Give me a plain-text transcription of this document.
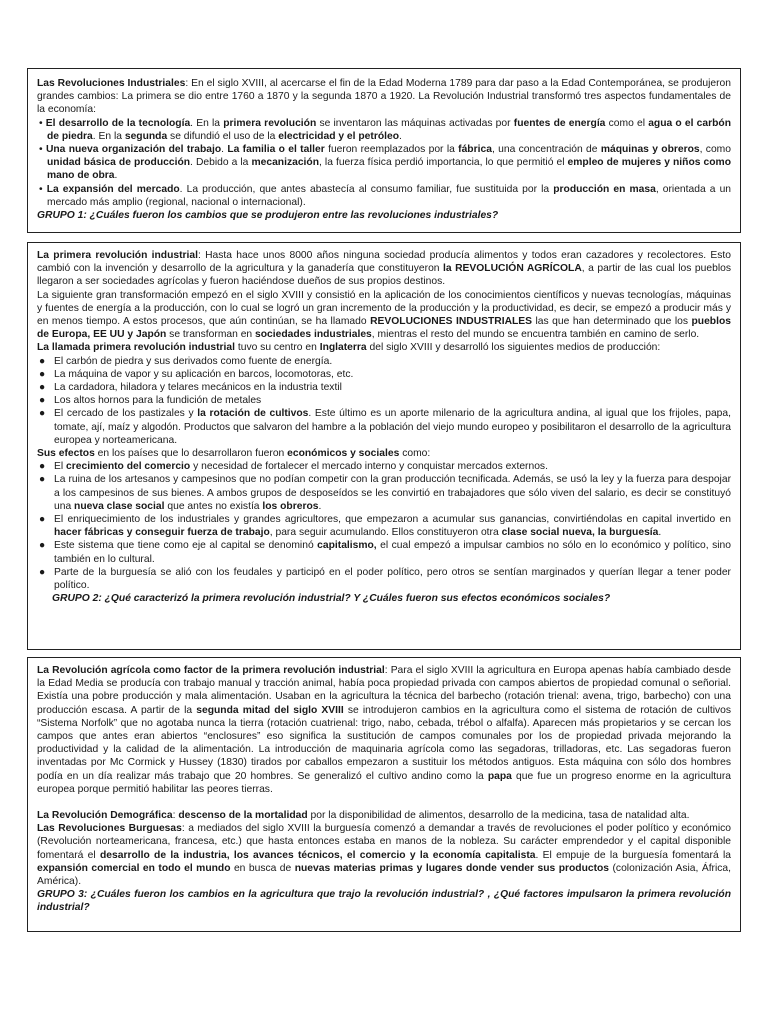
Las Revoluciones Industriales: En el siglo XVIII, al acercarse el fin de la Edad Moderna 1789 para dar paso a la Edad Contemporánea, se produjeron grandes cambios: La primera se dio entre 1760 a 1870 y la segunda 1870 a 1920. La Revolución Industrial transformó tres aspectos fundamentales de la economía:

• El desarrollo de la tecnología. En la primera revolución se inventaron las máquinas activadas por fuentes de energía como el agua o el carbón de piedra. En la segunda se difundió el uso de la electricidad y el petróleo.

• Una nueva organización del trabajo. La familia o el taller fueron reemplazados por la fábrica, una concentración de máquinas y obreros, como unidad básica de producción. Debido a la mecanización, la fuerza física perdió importancia, lo que permitió el empleo de mujeres y niños como mano de obra.

• La expansión del mercado. La producción, que antes abastecía al consumo familiar, fue sustituida por la producción en masa, orientada a un mercado más amplio (regional, nacional o internacional).

GRUPO 1: ¿Cuáles fueron los cambios que se produjeron entre las revoluciones industriales?

La primera revolución industrial: Hasta hace unos 8000 años ninguna sociedad producía alimentos y todos eran cazadores y recolectores. Esto cambió con la invención y desarrollo de la agricultura y la ganadería que constituyeron la REVOLUCIÓN AGRÍCOLA, a partir de las cual los pueblos llegaron a ser sociedades agrícolas y fueron haciéndose dueños de sus propios destinos.

La siguiente gran transformación empezó en el siglo XVIII y consistió en la aplicación de los conocimientos científicos y nuevas tecnologías, máquinas y fuentes de energía a la producción, con lo cual se logró un gran incremento de la producción y la productividad, es decir, se empezó a producir más y en menos tiempo. A estos procesos, que aún continúan, se ha llamado REVOLUCIONES INDUSTRIALES las que han determinado que los pueblos de Europa, EE UU y Japón se transforman en sociedades industriales, mientras el resto del mundo se encuentra también en camino de serlo.

La llamada primera revolución industrial tuvo su centro en Inglaterra del siglo XVIII y desarrolló los siguientes medios de producción:

● El carbón de piedra y sus derivados como fuente de energía.
● La máquina de vapor y su aplicación en barcos, locomotoras, etc.
● La cardadora, hiladora y telares mecánicos en la industria textil
● Los altos hornos para la fundición de metales
● El cercado de los pastizales y la rotación de cultivos. Este último es un aporte milenario de la agricultura andina, al igual que los frijoles, papa, tomate, ají, maíz y algodón. Productos que salvaron del hambre a la población del viejo mundo europeo y posibilitaron el desarrollo de la agricultura europea y norteamericana.

Sus efectos en los países que lo desarrollaron fueron económicos y sociales como:

● El crecimiento del comercio y necesidad de fortalecer el mercado interno y conquistar mercados externos.
● La ruina de los artesanos y campesinos que no podían competir con la gran producción tecnificada. Además, se usó la ley y la fuerza para despojar a los campesinos de sus bienes. A ambos grupos de desposeídos se les convirtió en trabajadores que sólo viven del salario, es decir se constituyó una nueva clase social que antes no existía los obreros.
● El enriquecimiento de los industriales y grandes agricultores, que empezaron a acumular sus ganancias, convirtiéndolas en capital invertido en hacer fábricas y conseguir fuerza de trabajo, para seguir acumulando. Ellos constituyeron otra clase social nueva, la burguesía.
● Este sistema que tiene como eje al capital se denominó capitalismo, el cual empezó a impulsar cambios no sólo en lo económico y político, sino también en lo cultural.
● Parte de la burguesía se alió con los feudales y participó en el poder político, pero otros se sentían marginados y querían llegar a tener poder político.

GRUPO 2: ¿Qué caracterizó la primera revolución industrial? Y ¿Cuáles fueron sus efectos económicos sociales?

La Revolución agrícola como factor de la primera revolución industrial: Para el siglo XVIII la agricultura en Europa apenas había cambiado desde la Edad Media se producía con trabajo manual y tracción animal, había poca propiedad privada con campos abiertos de propiedad comunal o señorial. Existía una pobre producción y mala alimentación. Usaban en la agricultura la técnica del barbecho (rotación trienal: avena, trigo, barbecho) con una producción escasa. A partir de la segunda mitad del siglo XVIII se introdujeron cambios en la agricultura como el sistema de rotación de cultivos “Sistema Norfolk” que no agotaba nunca la tierra (rotación cuatrienal: trigo, nabo, cebada, trébol o alfalfa). Aparecen más propietarios y se cercan los campos que antes eran abiertos “enclosures” eso significa la sustitución de campos comunales por los de propiedad privada mejorando la productividad y la calidad de la alimentación. La introducción de maquinaria agrícola como las segadoras, trilladoras, etc. Las segadoras fueron inventadas por Mc Cormick y Hussey (1830) tirados por caballos empezaron a sustituir los métodos antiguos. Esta máquina con sólo dos hombres podía en un día realizar más trabajo que 20 hombres. Se generalizó el cultivo andino como la papa que fue un progreso enorme en la agricultura europea porque permitió habilitar las peores tierras.

La Revolución Demográfica: descenso de la mortalidad por la disponibilidad de alimentos, desarrollo de la medicina, tasa de natalidad alta.

Las Revoluciones Burguesas: a mediados del siglo XVIII la burguesía comenzó a demandar a través de revoluciones el poder político y económico (Revolución norteamericana, francesa, etc.) que hasta entonces estaba en manos de la nobleza. Su carácter emprendedor y el capital disponible fomentará el desarrollo de la industria, los avances técnicos, el comercio y la economía capitalista. El empuje de la burguesía fomentará la expansión comercial en todo el mundo en busca de nuevas materias primas y lugares donde vender sus productos (colonización Asia, África, América).

GRUPO 3: ¿Cuáles fueron los cambios en la agricultura que trajo la revolución industrial? , ¿Qué factores impulsaron la primera revolución industrial?
